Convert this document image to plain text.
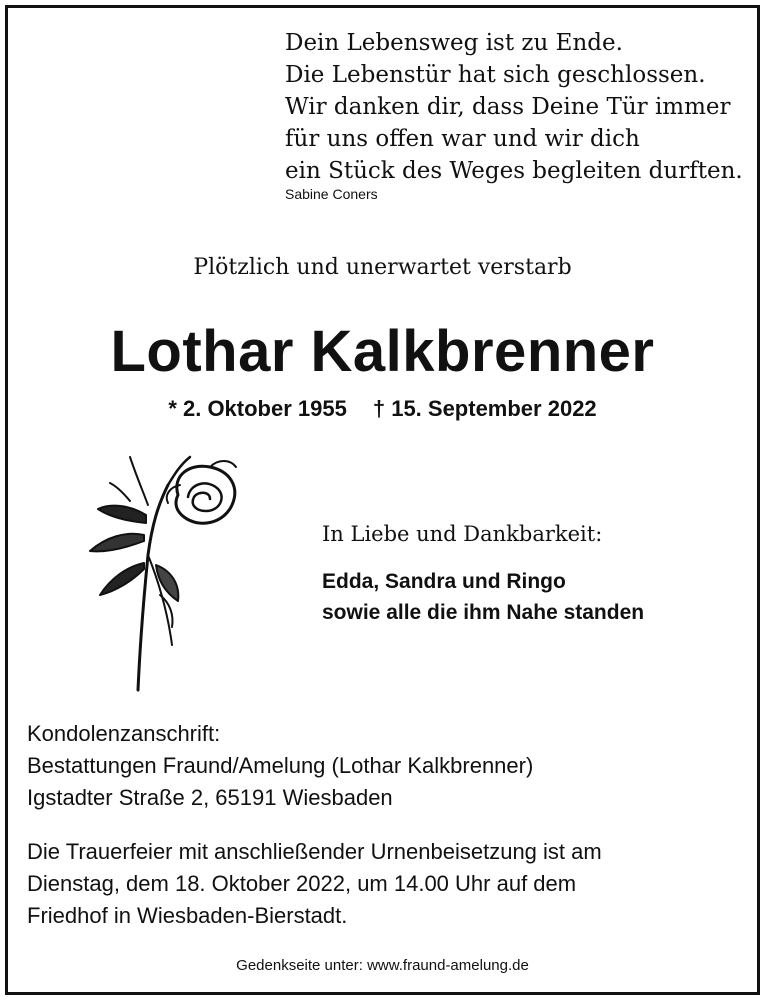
Dein Lebensweg ist zu Ende.
Die Lebenstür hat sich geschlossen.
Wir danken dir, dass Deine Tür immer
für uns offen war und wir dich
ein Stück des Weges begleiten durften.
Sabine Coners
Plötzlich und unerwartet verstarb
Lothar Kalkbrenner
* 2. Oktober 1955 † 15. September 2022
In Liebe und Dankbarkeit:
Edda, Sandra und Ringo
sowie alle die ihm Nahe standen
Kondolenzanschrift:
Bestattungen Fraund/Amelung (Lothar Kalkbrenner)
Igstadter Straße 2, 65191 Wiesbaden
Die Trauerfeier mit anschließender Urnenbeisetzung ist am
Dienstag, dem 18. Oktober 2022, um 14.00 Uhr auf dem
Friedhof in Wiesbaden-Bierstadt.
Gedenkseite unter: www.fraund-amelung.de
